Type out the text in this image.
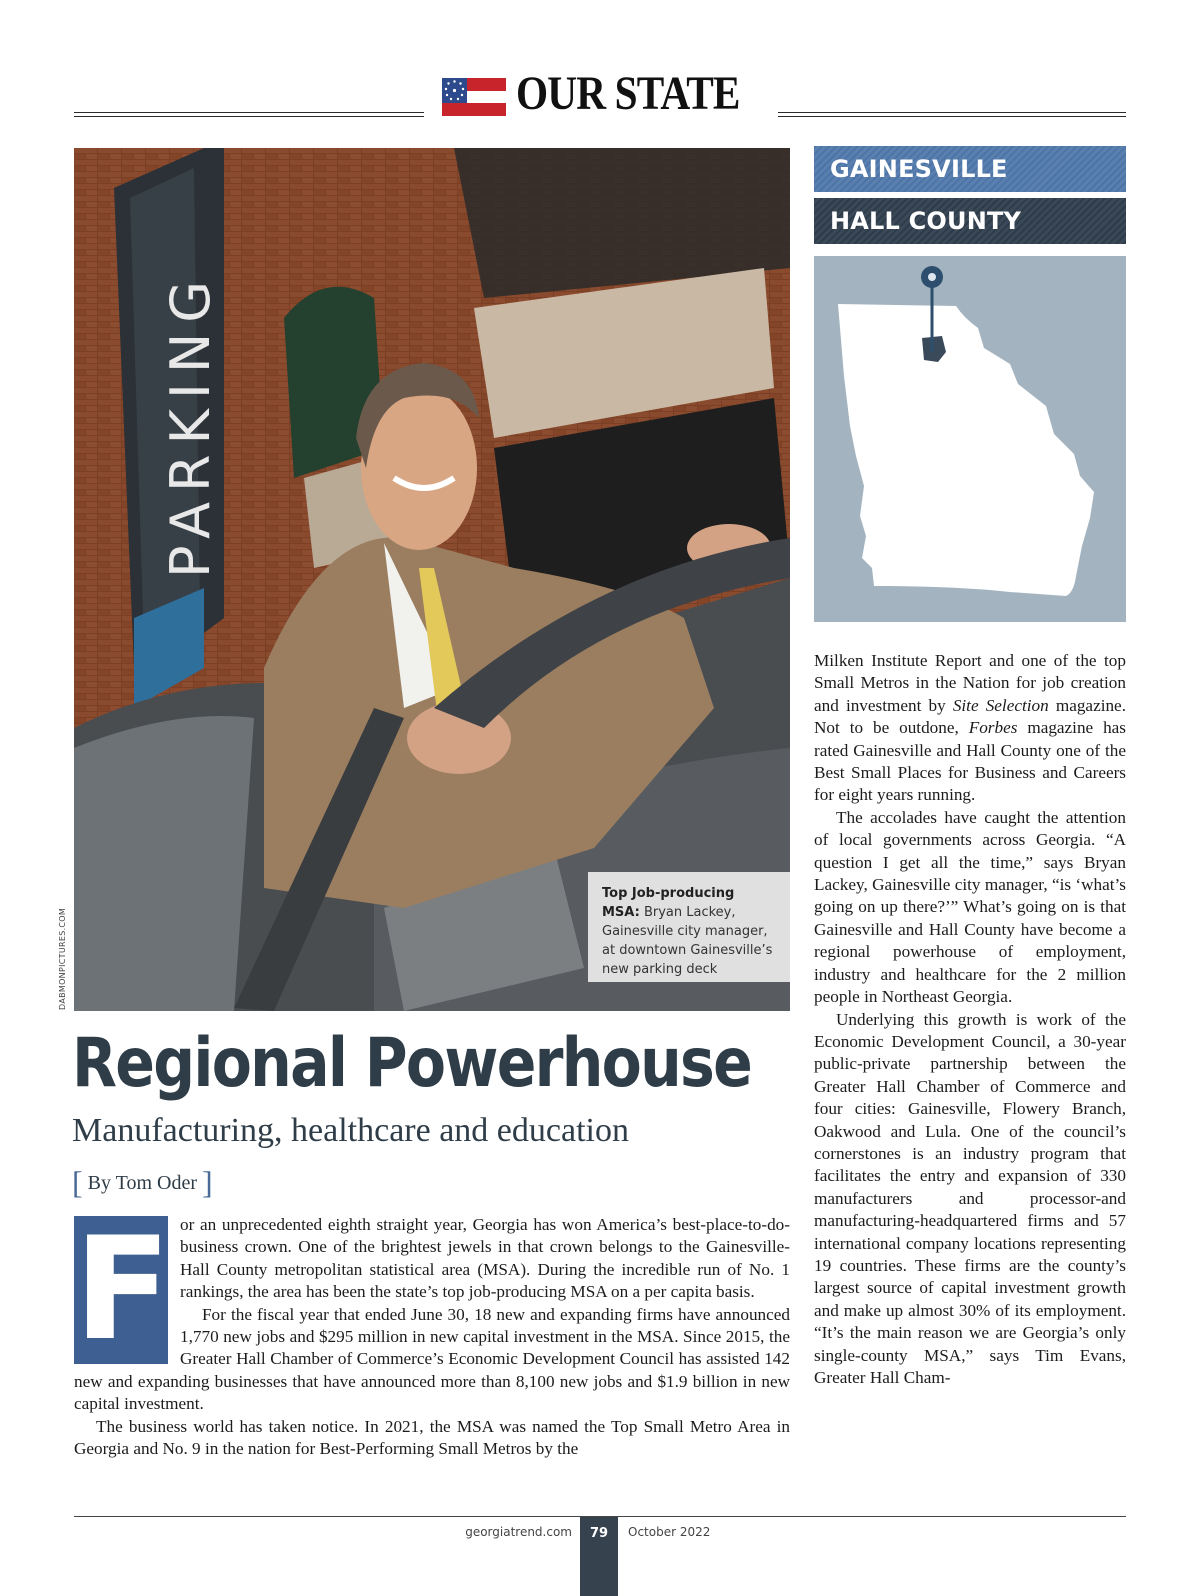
OUR STATE
PARKING
Top Job-producing MSA: Bryan Lackey, Gainesville city manager, at downtown Gainesville’s new parking deck
DABMONPICTURES.COM
Regional Powerhouse
Manufacturing, healthcare and education
[ By Tom Oder ]
F or an unprecedented eighth straight year, Georgia has won America’s best-place-to-do-business crown. One of the brightest jewels in that crown belongs to the Gainesville-Hall County metropolitan statistical area (MSA). During the incredible run of No. 1 rankings, the area has been the state’s top job-producing MSA on a per capita basis.

For the fiscal year that ended June 30, 18 new and expanding firms have announced 1,770 new jobs and $295 million in new capital investment in the MSA. Since 2015, the Greater Hall Chamber of Commerce’s Economic Development Council has assisted 142 new and expanding businesses that have announced more than 8,100 new jobs and $1.9 billion in new capital investment.

The business world has taken notice. In 2021, the MSA was named the Top Small Metro Area in Georgia and No. 9 in the nation for Best-Performing Small Metros by the

GAINESVILLE
HALL COUNTY

Milken Institute Report and one of the top Small Metros in the Nation for job creation and investment by Site Selection magazine. Not to be outdone, Forbes magazine has rated Gainesville and Hall County one of the Best Small Places for Business and Careers for eight years running.

The accolades have caught the attention of local governments across Georgia. “A question I get all the time,” says Bryan Lackey, Gainesville city manager, “is ‘what’s going on up there?’” What’s going on is that Gainesville and Hall County have become a regional powerhouse of employment, industry and healthcare for the 2 million people in Northeast Georgia.

Underlying this growth is work of the Economic Development Council, a 30-year public-private partnership between the Greater Hall Chamber of Commerce and four cities: Gainesville, Flowery Branch, Oakwood and Lula. One of the council’s cornerstones is an industry program that facilitates the entry and expansion of 330 manufacturers and processor-and manufacturing-headquartered firms and 57 international company locations representing 19 countries. These firms are the county’s largest source of capital investment growth and make up almost 30% of its employment. “It’s the main reason we are Georgia’s only single-county MSA,” says Tim Evans, Greater Hall Cham-

georgiatrend.com	79	October 2022
